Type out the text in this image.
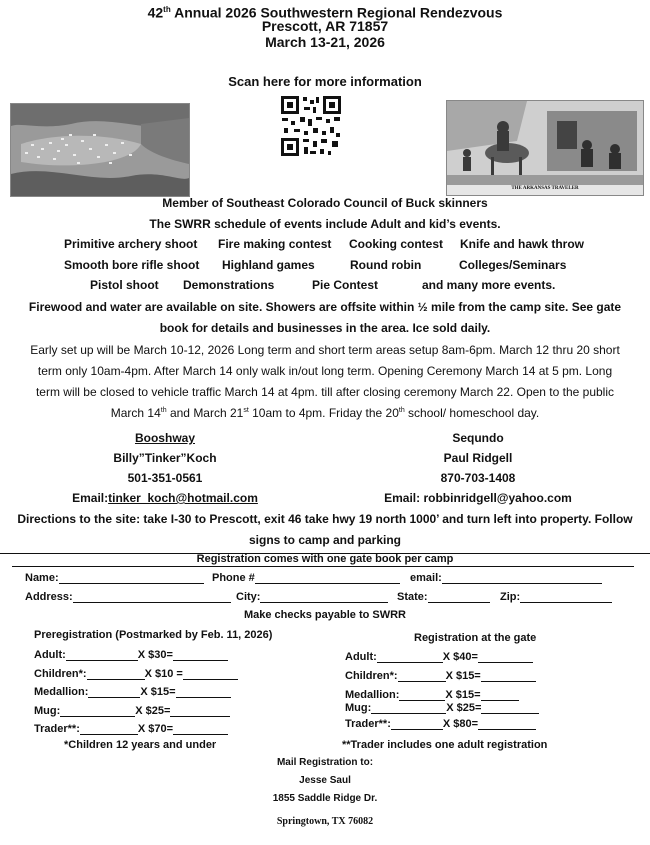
42th Annual 2026 Southwestern Regional Rendezvous
Prescott, AR 71857
March 13-21, 2026
Scan here for more information
THE ARKANSAS TRAVELER
Member of Southeast Colorado Council of Buck skinners
The SWRR schedule of events include Adult and kid’s events.
Primitive archery shoot Fire making contest Cooking contest Knife and hawk throw
Smooth bore rifle shoot Highland games	Round robin	Colleges/Seminars
Pistol shoot Demonstrations	Pie Contest	and many more events.
Firewood and water are available on site. Showers are offsite within ½ mile from the camp site. See gate
book for details and businesses in the area. Ice sold daily.
Early set up will be March 10-12, 2026 Long term and short term areas setup 8am-6pm. March 12 thru 20 short
term only 10am-4pm. After March 14 only walk in/out long term. Opening Ceremony March 14 at 5 pm. Long
term will be closed to vehicle traffic March 14 at 4pm. till after closing ceremony March 22. Open to the public
March 14th and March 21st 10am to 4pm. Friday the 20th school/ homeschool day.
Booshway
Billy”Tinker”Koch
501-351-0561
Email:tinker_koch@hotmail.com
Sequndo
Paul Ridgell
870-703-1408
Email: robbinridgell@yahoo.com
Directions to the site: take I-30 to Prescott, exit 46 take hwy 19 north 1000’ and turn left into property. Follow
signs to camp and parking
Registration comes with one gate book per camp
Name:	Phone #	email:
Address:	City:	State:	Zip:
Make checks payable to SWRR
Preregistration (Postmarked by Feb. 11, 2026)
Adult:	X $30=
Children*:	X $10 =
Medallion:	X $15=
Mug:	X $25=
Trader**:	X $70=
*Children 12 years and under
Registration at the gate
Adult:	X $40=
Children*:	X $15=
Medallion:	X $15=
Mug:	X $25=
Trader**:	X $80=
**Trader includes one adult registration
Mail Registration to:
Jesse Saul
1855 Saddle Ridge Dr.
Springtown, TX 76082
